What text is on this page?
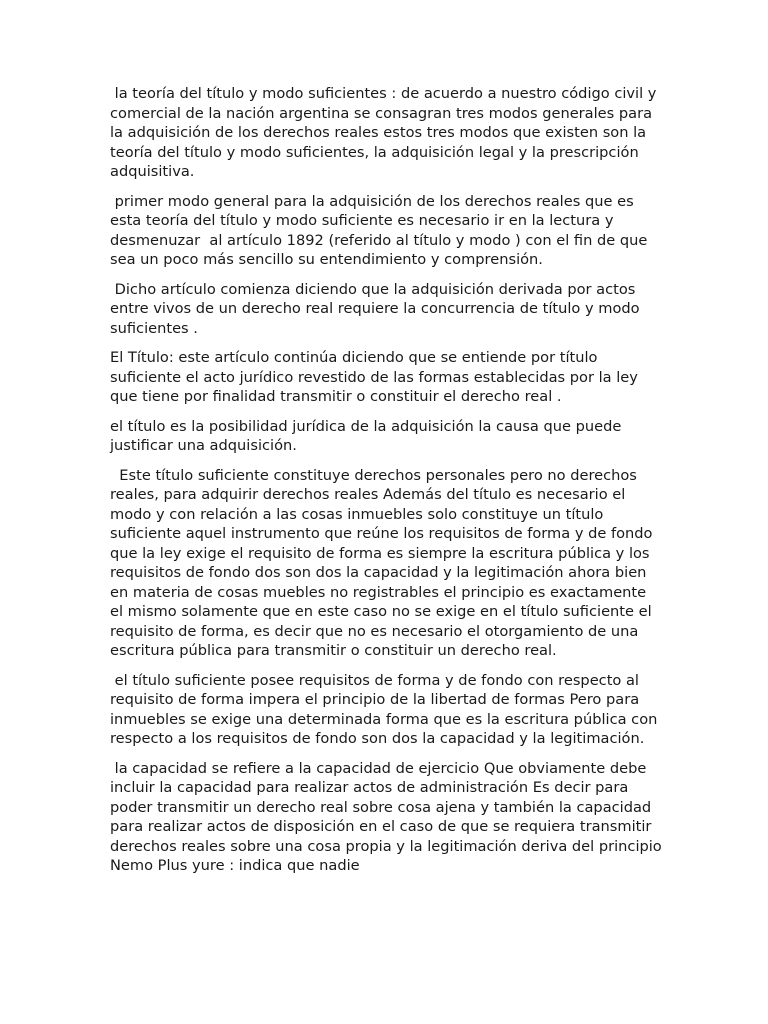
la teoría del título y modo suficientes : de acuerdo a nuestro código civil y comercial de la nación argentina se consagran tres modos generales para la adquisición de los derechos reales estos tres modos que existen son la teoría del título y modo suficientes, la adquisición legal y la prescripción adquisitiva.

primer modo general para la adquisición de los derechos reales que es esta teoría del título y modo suficiente es necesario ir en la lectura y desmenuzar  al artículo 1892 (referido al título y modo ) con el fin de que sea un poco más sencillo su entendimiento y comprensión.

Dicho artículo comienza diciendo que la adquisición derivada por actos entre vivos de un derecho real requiere la concurrencia de título y modo suficientes .

El Título: este artículo continúa diciendo que se entiende por título suficiente el acto jurídico revestido de las formas establecidas por la ley que tiene por finalidad transmitir o constituir el derecho real .

el título es la posibilidad jurídica de la adquisición la causa que puede justificar una adquisición.

Este título suficiente constituye derechos personales pero no derechos reales, para adquirir derechos reales Además del título es necesario el modo y con relación a las cosas inmuebles solo constituye un título suficiente aquel instrumento que reúne los requisitos de forma y de fondo que la ley exige el requisito de forma es siempre la escritura pública y los requisitos de fondo dos son dos la capacidad y la legitimación ahora bien en materia de cosas muebles no registrables el principio es exactamente el mismo solamente que en este caso no se exige en el título suficiente el requisito de forma, es decir que no es necesario el otorgamiento de una escritura pública para transmitir o constituir un derecho real.

el título suficiente posee requisitos de forma y de fondo con respecto al requisito de forma impera el principio de la libertad de formas Pero para inmuebles se exige una determinada forma que es la escritura pública con respecto a los requisitos de fondo son dos la capacidad y la legitimación.

la capacidad se refiere a la capacidad de ejercicio Que obviamente debe incluir la capacidad para realizar actos de administración Es decir para poder transmitir un derecho real sobre cosa ajena y también la capacidad para realizar actos de disposición en el caso de que se requiera transmitir derechos reales sobre una cosa propia y la legitimación deriva del principio Nemo Plus yure : indica que nadie
